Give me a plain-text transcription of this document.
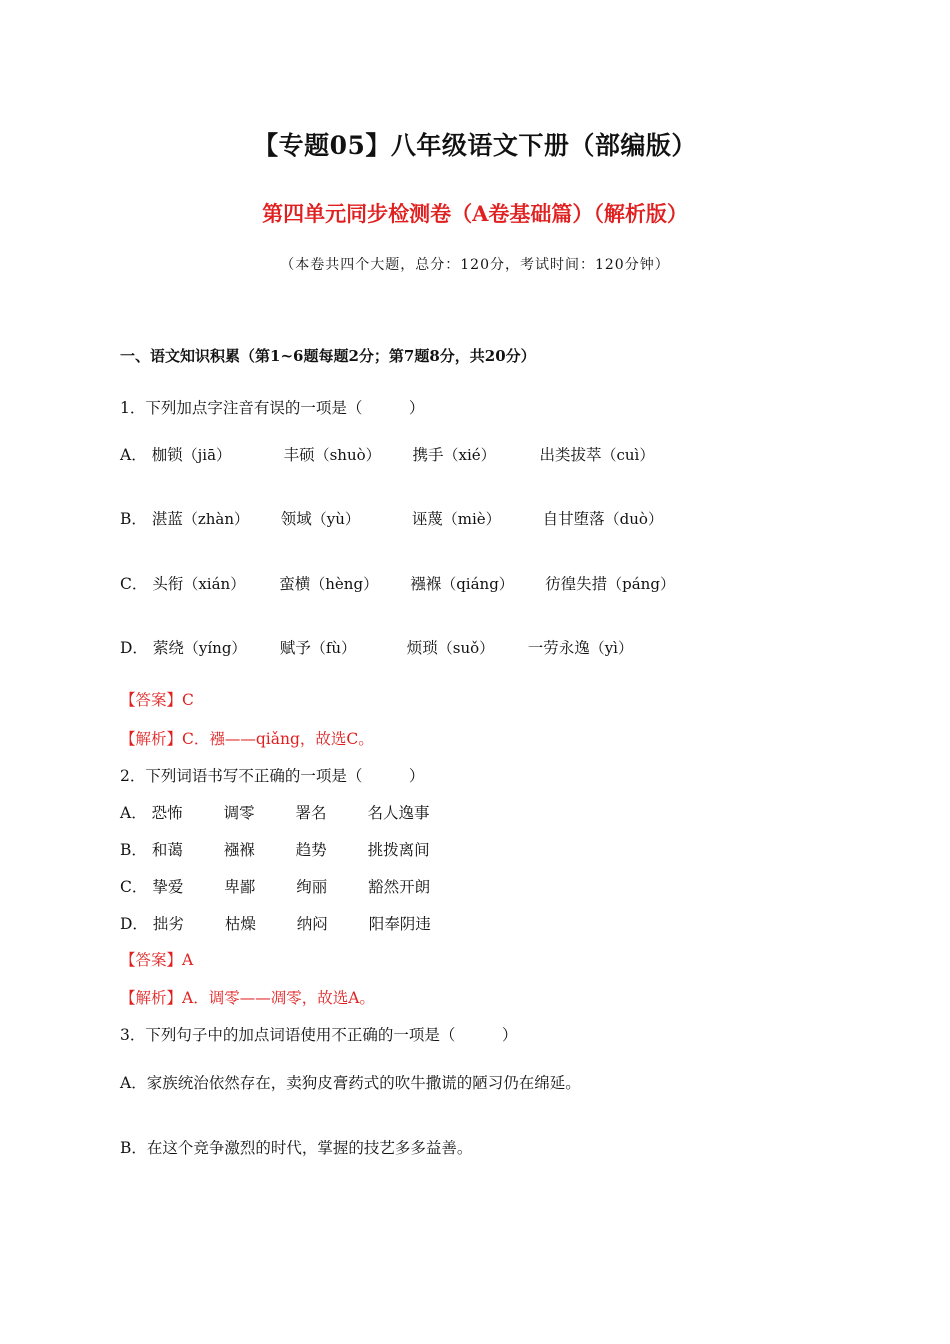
【专题05】八年级语文下册（部编版）
第四单元同步检测卷（A卷基础篇）（解析版）
（本卷共四个大题，总分：120分，考试时间：120分钟）
一、语文知识积累（第1~6题每题2分；第7题8分，共20分）
1．下列加点字注音有误的一项是（　　　）
A． 枷锁（jiā）	丰硕（shuò） 携手（xié）	出类拔萃（cuì）
B． 湛蓝（zhàn） 领域（yù）	诬蔑（miè）	自甘堕落（duò）
C． 头衔（xián） 蛮横（hèng） 襁褓（qiáng） 彷徨失措（páng）
D． 萦绕（yíng） 赋予（fù）	烦琐（suǒ） 一劳永逸（yì）
【答案】C
【解析】C．襁——qiǎng，故选C。
2．下列词语书写不正确的一项是（　　　）
A． 恐怖	调零	署名	名人逸事
B． 和蔼	襁褓	趋势	挑拨离间
C． 挚爱	卑鄙	绚丽	豁然开朗
D． 拙劣	枯燥	纳闷	阳奉阴违
【答案】A
【解析】A．调零——凋零，故选A。
3．下列句子中的加点词语使用不正确的一项是（　　　）
A．家族统治依然存在，卖狗皮膏药式的吹牛撒谎的陋习仍在绵延。
B．在这个竞争激烈的时代，掌握的技艺多多益善。
